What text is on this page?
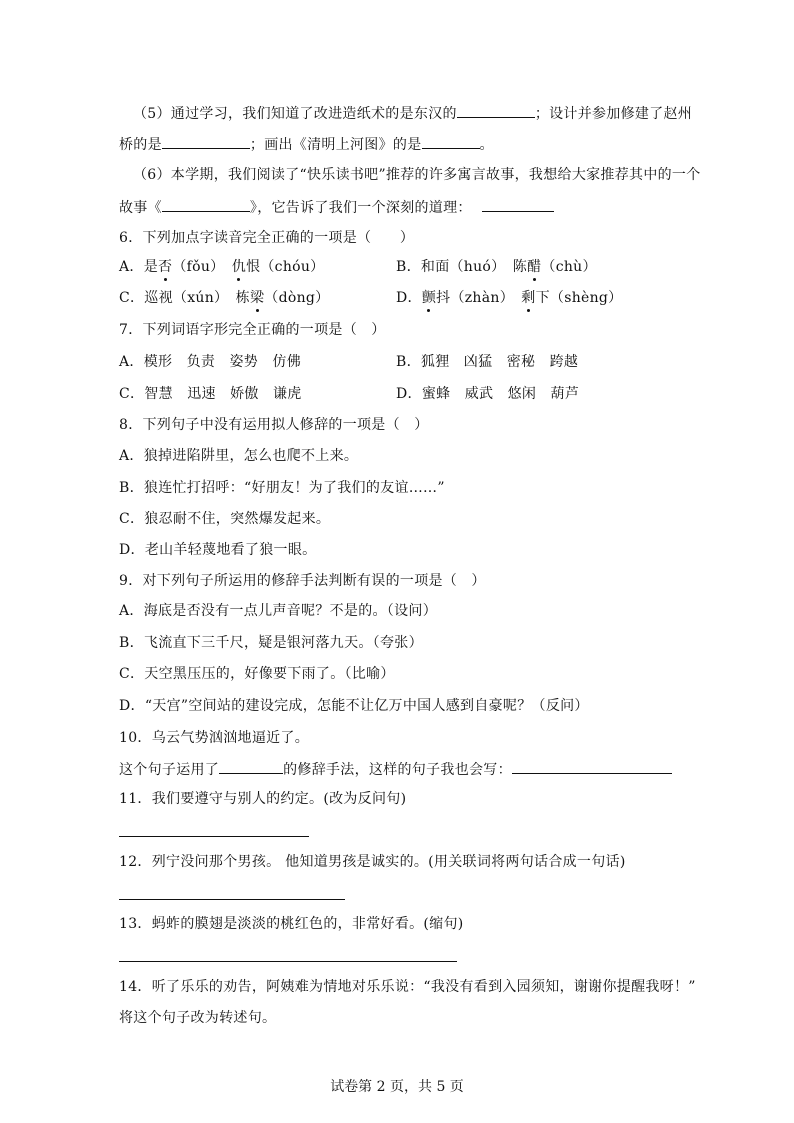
（5）通过学习，我们知道了改进造纸术的是东汉的	；设计并参加修建了赵州
桥的是	；画出《清明上河图》的是	。
（6）本学期，我们阅读了“快乐读书吧”推荐的许多寓言故事，我想给大家推荐其中的一个
故事《	》，它告诉了我们一个深刻的道理：
6．下列加点字读音完全正确的一项是（　　）
A．是否（fǒu）　仇恨（chóu）	B．和面（huó）　陈醋（chù）
C．巡视（xún）　栋梁（dòng）	D．颤抖（zhàn）　剩下（shèng）
7．下列词语字形完全正确的一项是（　）
A．模形　负责　姿势　仿佛	B．狐狸　凶猛　密秘　跨越
C．智慧　迅速　娇傲　谦虎	D．蜜蜂　威武　悠闲　葫芦
8．下列句子中没有运用拟人修辞的一项是（　）
A．狼掉进陷阱里，怎么也爬不上来。
B．狼连忙打招呼：“好朋友！为了我们的友谊……”
C．狼忍耐不住，突然爆发起来。
D．老山羊轻蔑地看了狼一眼。
9．对下列句子所运用的修辞手法判断有误的一项是（　）
A．海底是否没有一点儿声音呢？不是的。（设问）
B．飞流直下三千尺，疑是银河落九天。（夸张）
C．天空黑压压的，好像要下雨了。（比喻）
D．“天宫”空间站的建设完成，怎能不让亿万中国人感到自豪呢？（反问）
10．乌云气势汹汹地逼近了。
这个句子运用了	的修辞手法，这样的句子我也会写：
11．我们要遵守与别人的约定。(改为反问句)
12．列宁没问那个男孩。 他知道男孩是诚实的。(用关联词将两句话合成一句话)
13．蚂蚱的膜翅是淡淡的桃红色的，非常好看。(缩句)
14．听了乐乐的劝告，阿姨难为情地对乐乐说：“我没有看到入园须知，谢谢你提醒我呀！”
将这个句子改为转述句。
试卷第 2 页，共 5 页
